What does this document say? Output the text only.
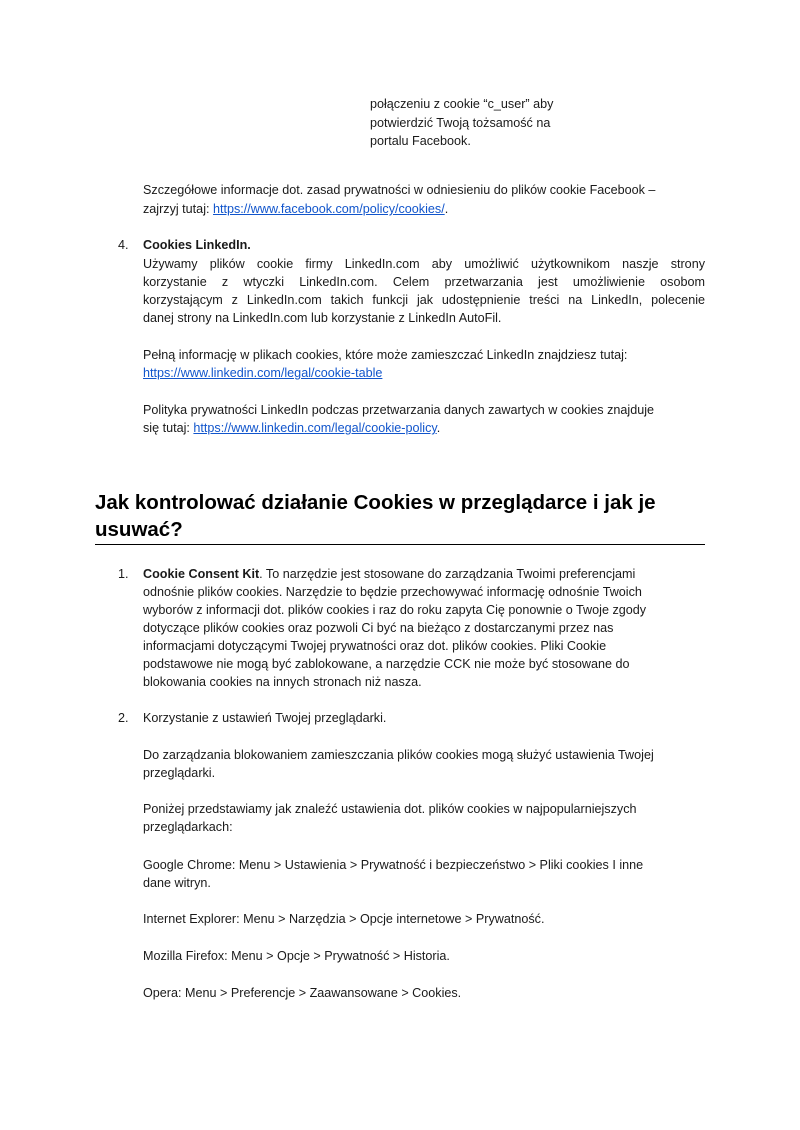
połączeniu z cookie “c_user” aby
potwierdzić Twoją tożsamość na
portalu Facebook.
Szczegółowe informacje dot. zasad prywatności w odniesieniu do plików cookie Facebook –
zajrzyj tutaj: https://www.facebook.com/policy/cookies/.
4. Cookies LinkedIn.
Używamy plików cookie firmy LinkedIn.com aby umożliwić użytkownikom naszje strony
korzystanie z wtyczki LinkedIn.com. Celem przetwarzania jest umożliwienie osobom
korzystającym z LinkedIn.com takich funkcji jak udostępnienie treści na LinkedIn, polecenie
danej strony na LinkedIn.com lub korzystanie z LinkedIn AutoFil.
Pełną informację w plikach cookies, które może zamieszczać LinkedIn znajdziesz tutaj:
https://www.linkedin.com/legal/cookie-table
Polityka prywatności LinkedIn podczas przetwarzania danych zawartych w cookies znajduje
się tutaj: https://www.linkedin.com/legal/cookie-policy.
Jak kontrolować działanie Cookies w przeglądarce i jak je
usuwać?
1. Cookie Consent Kit. To narzędzie jest stosowane do zarządzania Twoimi preferencjami
odnośnie plików cookies. Narzędzie to będzie przechowywać informację odnośnie Twoich
wyborów z informacji dot. plików cookies i raz do roku zapyta Cię ponownie o Twoje zgody
dotyczące plików cookies oraz pozwoli Ci być na bieżąco z dostarczanymi przez nas
informacjami dotyczącymi Twojej prywatności oraz dot. plików cookies. Pliki Cookie
podstawowe nie mogą być zablokowane, a narzędzie CCK nie może być stosowane do
blokowania cookies na innych stronach niż nasza.
2. Korzystanie z ustawień Twojej przeglądarki.
Do zarządzania blokowaniem zamieszczania plików cookies mogą służyć ustawienia Twojej
przeglądarki.
Poniżej przedstawiamy jak znaleźć ustawienia dot. plików cookies w najpopularniejszych
przeglądarkach:
Google Chrome: Menu > Ustawienia > Prywatność i bezpieczeństwo > Pliki cookies I inne
dane witryn.
Internet Explorer: Menu > Narzędzia > Opcje internetowe > Prywatność.
Mozilla Firefox: Menu > Opcje > Prywatność > Historia.
Opera: Menu > Preferencje > Zaawansowane > Cookies.
